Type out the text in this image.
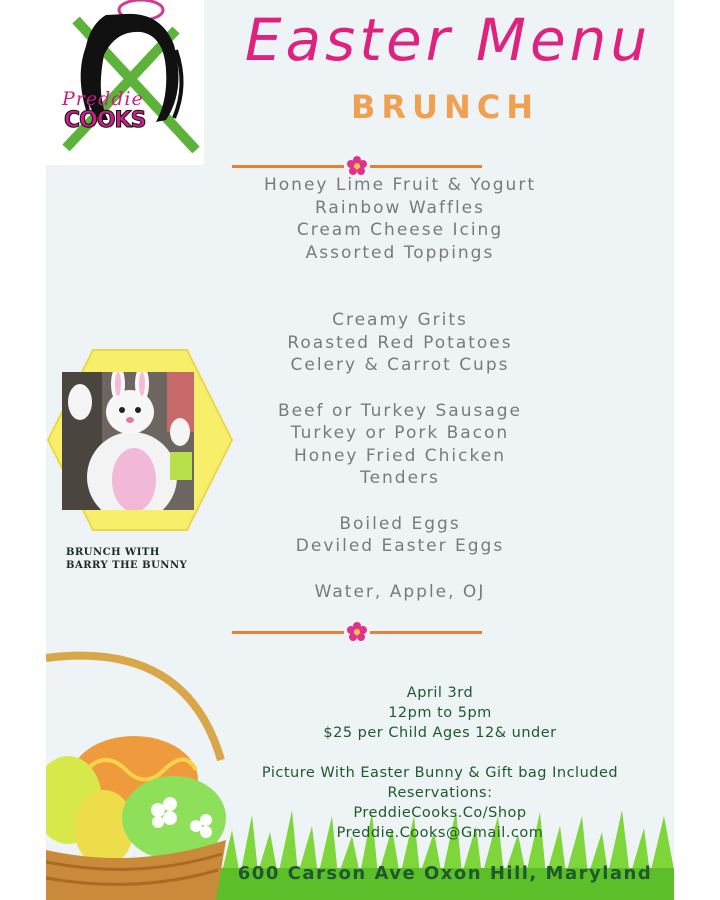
Preddie
COOKS
Easter Menu
BRUNCH
Honey Lime Fruit & Yogurt
Rainbow Waffles
Cream Cheese Icing
Assorted Toppings
Creamy Grits
Roasted Red Potatoes
Celery & Carrot Cups
Beef or Turkey Sausage
Turkey or Pork Bacon
Honey Fried Chicken
Tenders
Boiled Eggs
Deviled Easter Eggs
Water, Apple, OJ
BRUNCH WITH
BARRY THE BUNNY
April 3rd
12pm to 5pm
$25 per Child Ages 12& under
Picture With Easter Bunny & Gift bag Included
Reservations:
PreddieCooks.Co/Shop
Preddie.Cooks@Gmail.com
600 Carson Ave Oxon Hill, Maryland
